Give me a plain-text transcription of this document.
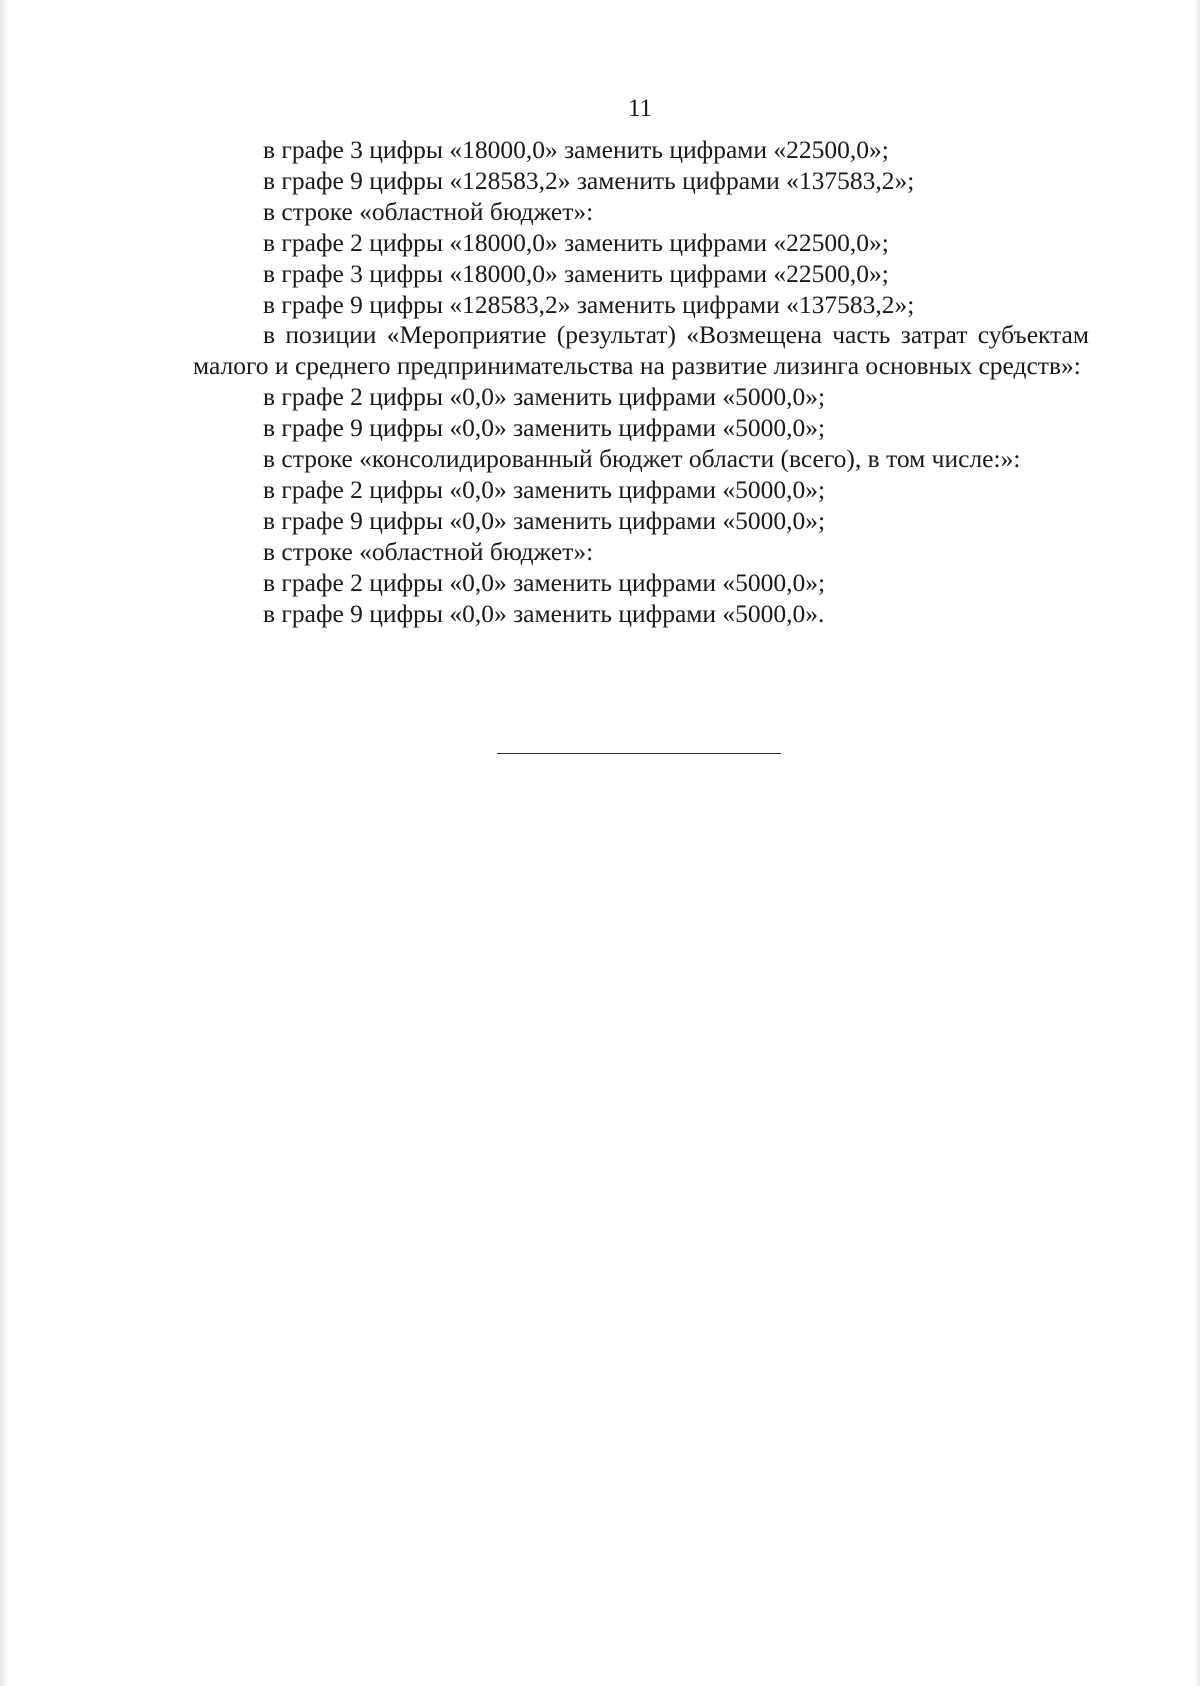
11

в графе 3 цифры «18000,0» заменить цифрами «22500,0»;

в графе 9 цифры «128583,2» заменить цифрами «137583,2»;

в строке «областной бюджет»:

в графе 2 цифры «18000,0» заменить цифрами «22500,0»;

в графе 3 цифры «18000,0» заменить цифрами «22500,0»;

в графе 9 цифры «128583,2» заменить цифрами «137583,2»;

в позиции «Мероприятие (результат) «Возмещена часть затрат субъектам малого и среднего предпринимательства на развитие лизинга основных средств»:

в графе 2 цифры «0,0» заменить цифрами «5000,0»;

в графе 9 цифры «0,0» заменить цифрами «5000,0»;

в строке «консолидированный бюджет области (всего), в том числе:»:

в графе 2 цифры «0,0» заменить цифрами «5000,0»;

в графе 9 цифры «0,0» заменить цифрами «5000,0»;

в строке «областной бюджет»:

в графе 2 цифры «0,0» заменить цифрами «5000,0»;

в графе 9 цифры «0,0» заменить цифрами «5000,0».
